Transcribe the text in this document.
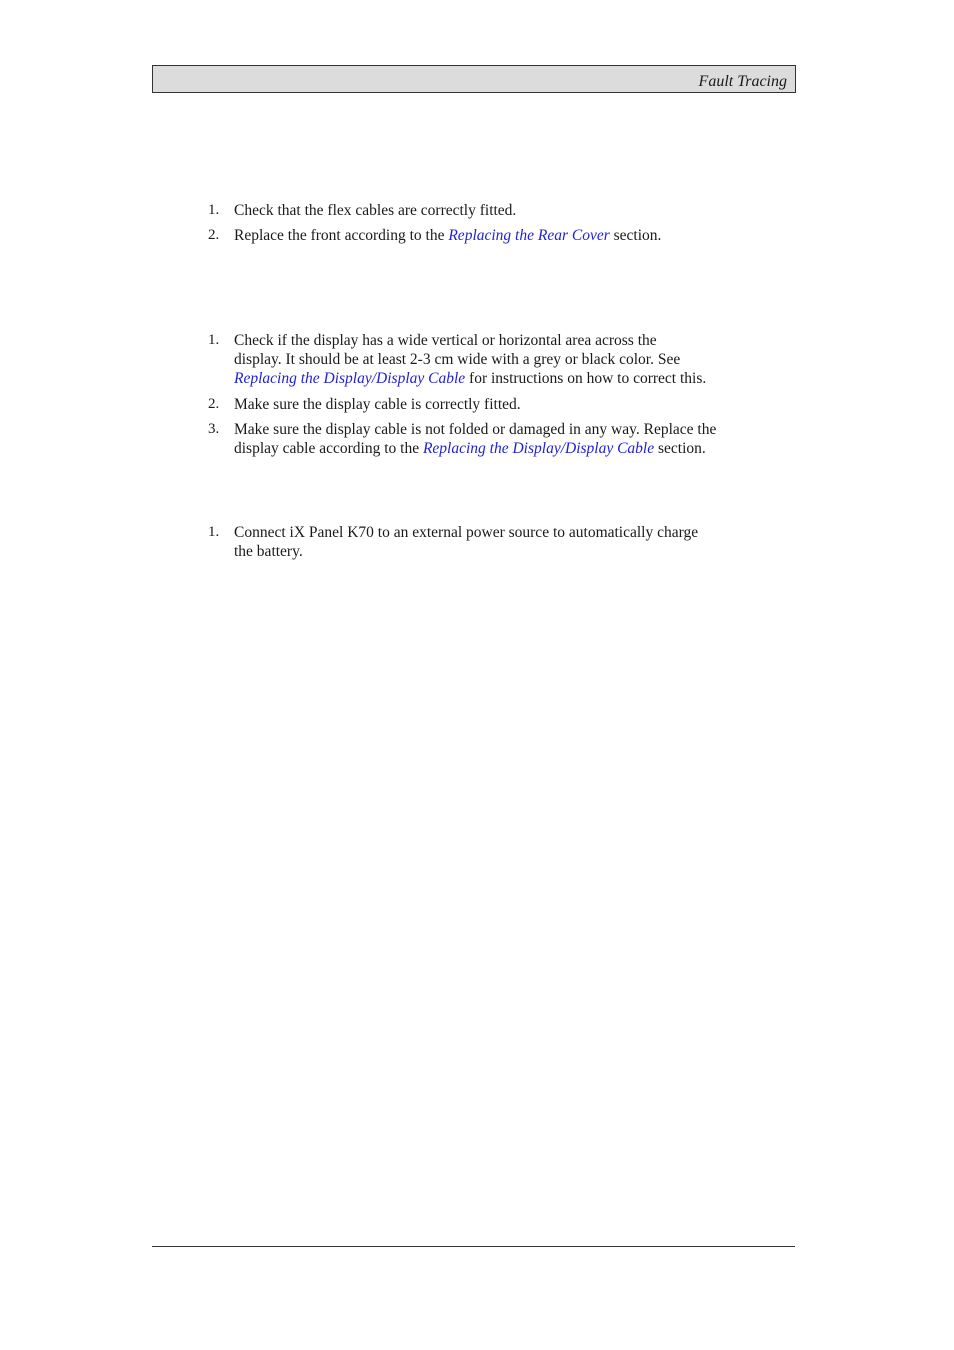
Fault Tracing
1. Check that the flex cables are correctly fitted.
2. Replace the front according to the Replacing the Rear Cover section.
1. Check if the display has a wide vertical or horizontal area across the
display. It should be at least 2-3 cm wide with a grey or black color. See
Replacing the Display/Display Cable for instructions on how to correct this.
2. Make sure the display cable is correctly fitted.
3. Make sure the display cable is not folded or damaged in any way. Replace the
display cable according to the Replacing the Display/Display Cable section.
1. Connect iX Panel K70 to an external power source to automatically charge
the battery.
